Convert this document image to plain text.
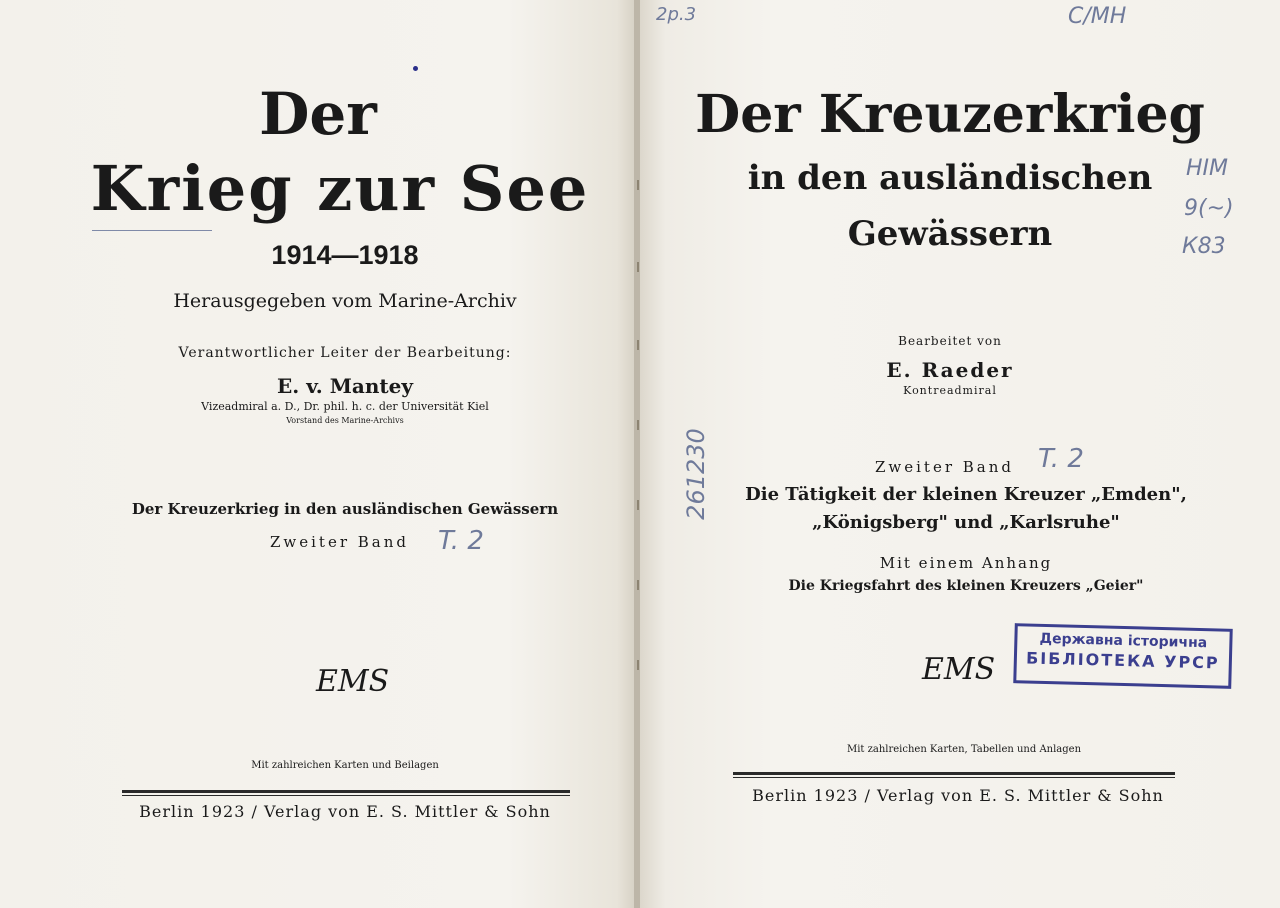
Der
Krieg zur See
1914—1918
Herausgegeben vom Marine-Archiv
Verantwortlicher Leiter der Bearbeitung:
E. v. Mantey
Vizeadmiral a. D., Dr. phil. h. c. der Universität Kiel
Vorstand des Marine-Archivs
Der Kreuzerkrieg in den ausländischen Gewässern
Zweiter Band T. 2
EMS
Mit zahlreichen Karten und Beilagen
Berlin 1923 / Verlag von E. S. Mittler & Sohn
Der Kreuzerkrieg
in den ausländischen
Gewässern
Bearbeitet von
E. Raeder
Kontreadmiral
Zweiter Band T. 2
Die Tätigkeit der kleinen Kreuzer „Emden",
„Königsberg" und „Karlsruhe"
Mit einem Anhang
Die Kriegsfahrt des kleinen Kreuzers „Geier"
EMS
Mit zahlreichen Karten, Tabellen und Anlagen
Berlin 1923 / Verlag von E. S. Mittler & Sohn
2р.3	С/МН
НІМ
9(~)
К83
261230
Державна історична
БІБЛІОТЕКА УРСР
